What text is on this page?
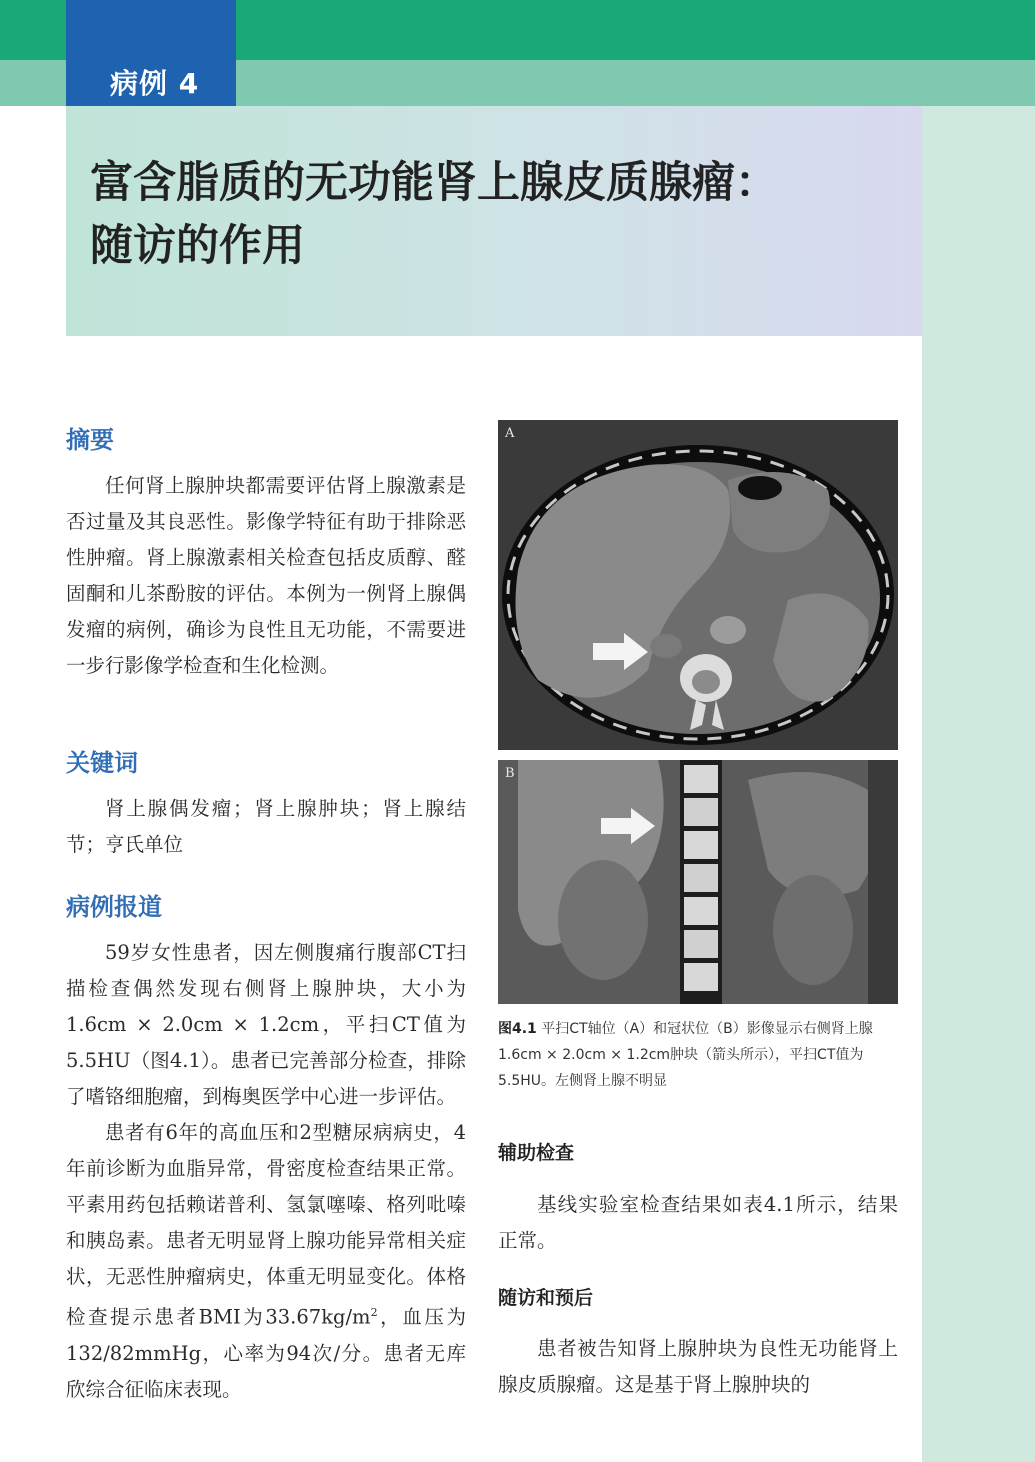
病例 4
富含脂质的无功能肾上腺皮质腺瘤：
随访的作用
摘要
任何肾上腺肿块都需要评估肾上腺激素是否过量及其良恶性。影像学特征有助于排除恶性肿瘤。肾上腺激素相关检查包括皮质醇、醛固酮和儿茶酚胺的评估。本例为一例肾上腺偶发瘤的病例，确诊为良性且无功能，不需要进一步行影像学检查和生化检测。
关键词
肾上腺偶发瘤；肾上腺肿块；肾上腺结节；亨氏单位
病例报道
59岁女性患者，因左侧腹痛行腹部CT扫描检查偶然发现右侧肾上腺肿块，大小为1.6cm × 2.0cm × 1.2cm，平扫CT值为5.5HU（图4.1）。患者已完善部分检查，排除了嗜铬细胞瘤，到梅奥医学中心进一步评估。
患者有6年的高血压和2型糖尿病病史，4年前诊断为血脂异常，骨密度检查结果正常。平素用药包括赖诺普利、氢氯噻嗪、格列吡嗪和胰岛素。患者无明显肾上腺功能异常相关症状，无恶性肿瘤病史，体重无明显变化。体格检查提示患者BMI为$33.67kg/m^2$，血压为132/82mmHg，心率为94次/分。患者无库欣综合征临床表现。
A
B
图4.1 平扫CT轴位（A）和冠状位（B）影像显示右侧肾上腺1.6cm × 2.0cm × 1.2cm肿块（箭头所示），平扫CT值为5.5HU。左侧肾上腺不明显
辅助检查
基线实验室检查结果如表4.1所示，结果正常。
随访和预后
患者被告知肾上腺肿块为良性无功能肾上腺皮质腺瘤。这是基于肾上腺肿块的
